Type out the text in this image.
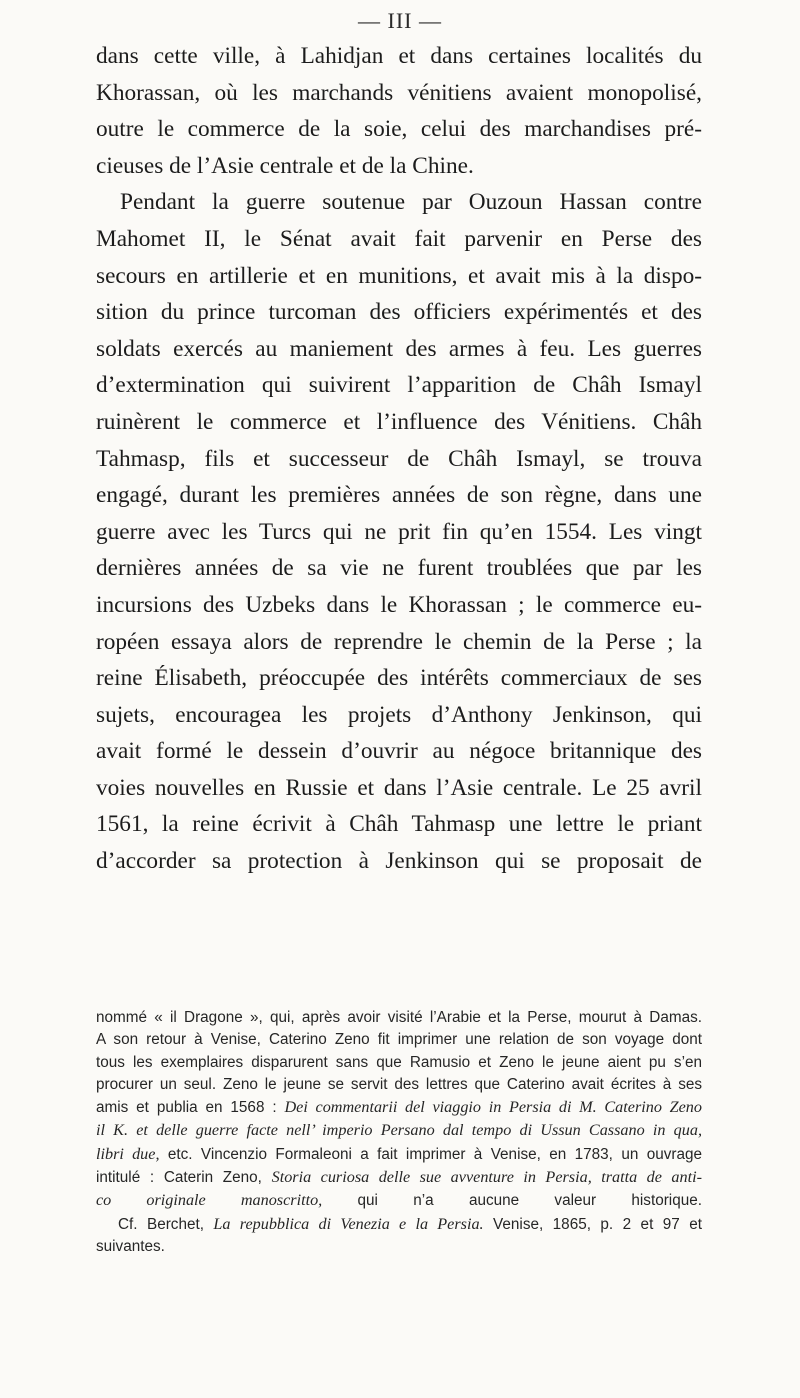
— III —
dans cette ville, à Lahidjan et dans certaines localités du
Khorassan, où les marchands vénitiens avaient monopolisé,
outre le commerce de la soie, celui des marchandises pré-
cieuses de l’Asie centrale et de la Chine.
Pendant la guerre soutenue par Ouzoun Hassan contre
Mahomet II, le Sénat avait fait parvenir en Perse des
secours en artillerie et en munitions, et avait mis à la dispo-
sition du prince turcoman des officiers expérimentés et des
soldats exercés au maniement des armes à feu. Les guerres
d’extermination qui suivirent l’apparition de Châh Ismayl
ruinèrent le commerce et l’influence des Vénitiens. Châh
Tahmasp, fils et successeur de Châh Ismayl, se trouva
engagé, durant les premières années de son règne, dans une
guerre avec les Turcs qui ne prit fin qu’en 1554. Les vingt
dernières années de sa vie ne furent troublées que par les
incursions des Uzbeks dans le Khorassan ; le commerce eu-
ropéen essaya alors de reprendre le chemin de la Perse ; la
reine Élisabeth, préoccupée des intérêts commerciaux de ses
sujets, encouragea les projets d’Anthony Jenkinson, qui
avait formé le dessein d’ouvrir au négoce britannique des
voies nouvelles en Russie et dans l’Asie centrale. Le 25 avril
1561, la reine écrivit à Châh Tahmasp une lettre le priant
d’accorder sa protection à Jenkinson qui se proposait de
nommé « il Dragone », qui, après avoir visité l’Arabie et la Perse, mourut à Damas.
A son retour à Venise, Caterino Zeno fit imprimer une relation de son voyage dont
tous les exemplaires disparurent sans que Ramusio et Zeno le jeune aient pu s’en
procurer un seul. Zeno le jeune se servit des lettres que Caterino avait écrites à ses
amis et publia en 1568 : Dei commentarii del viaggio in Persia di M. Caterino Zeno
il K. et delle guerre facte nell’ imperio Persano dal tempo di Ussun Cassano in qua,
libri due, etc. Vincenzio Formaleoni a fait imprimer à Venise, en 1783, un ouvrage
intitulé : Caterin Zeno, Storia curiosa delle sue avventure in Persia, tratta de anti-
co originale manoscritto, qui n’a aucune valeur historique.
Cf. Berchet, La repubblica di Venezia e la Persia. Venise, 1865, p. 2 et 97 et
suivantes.
